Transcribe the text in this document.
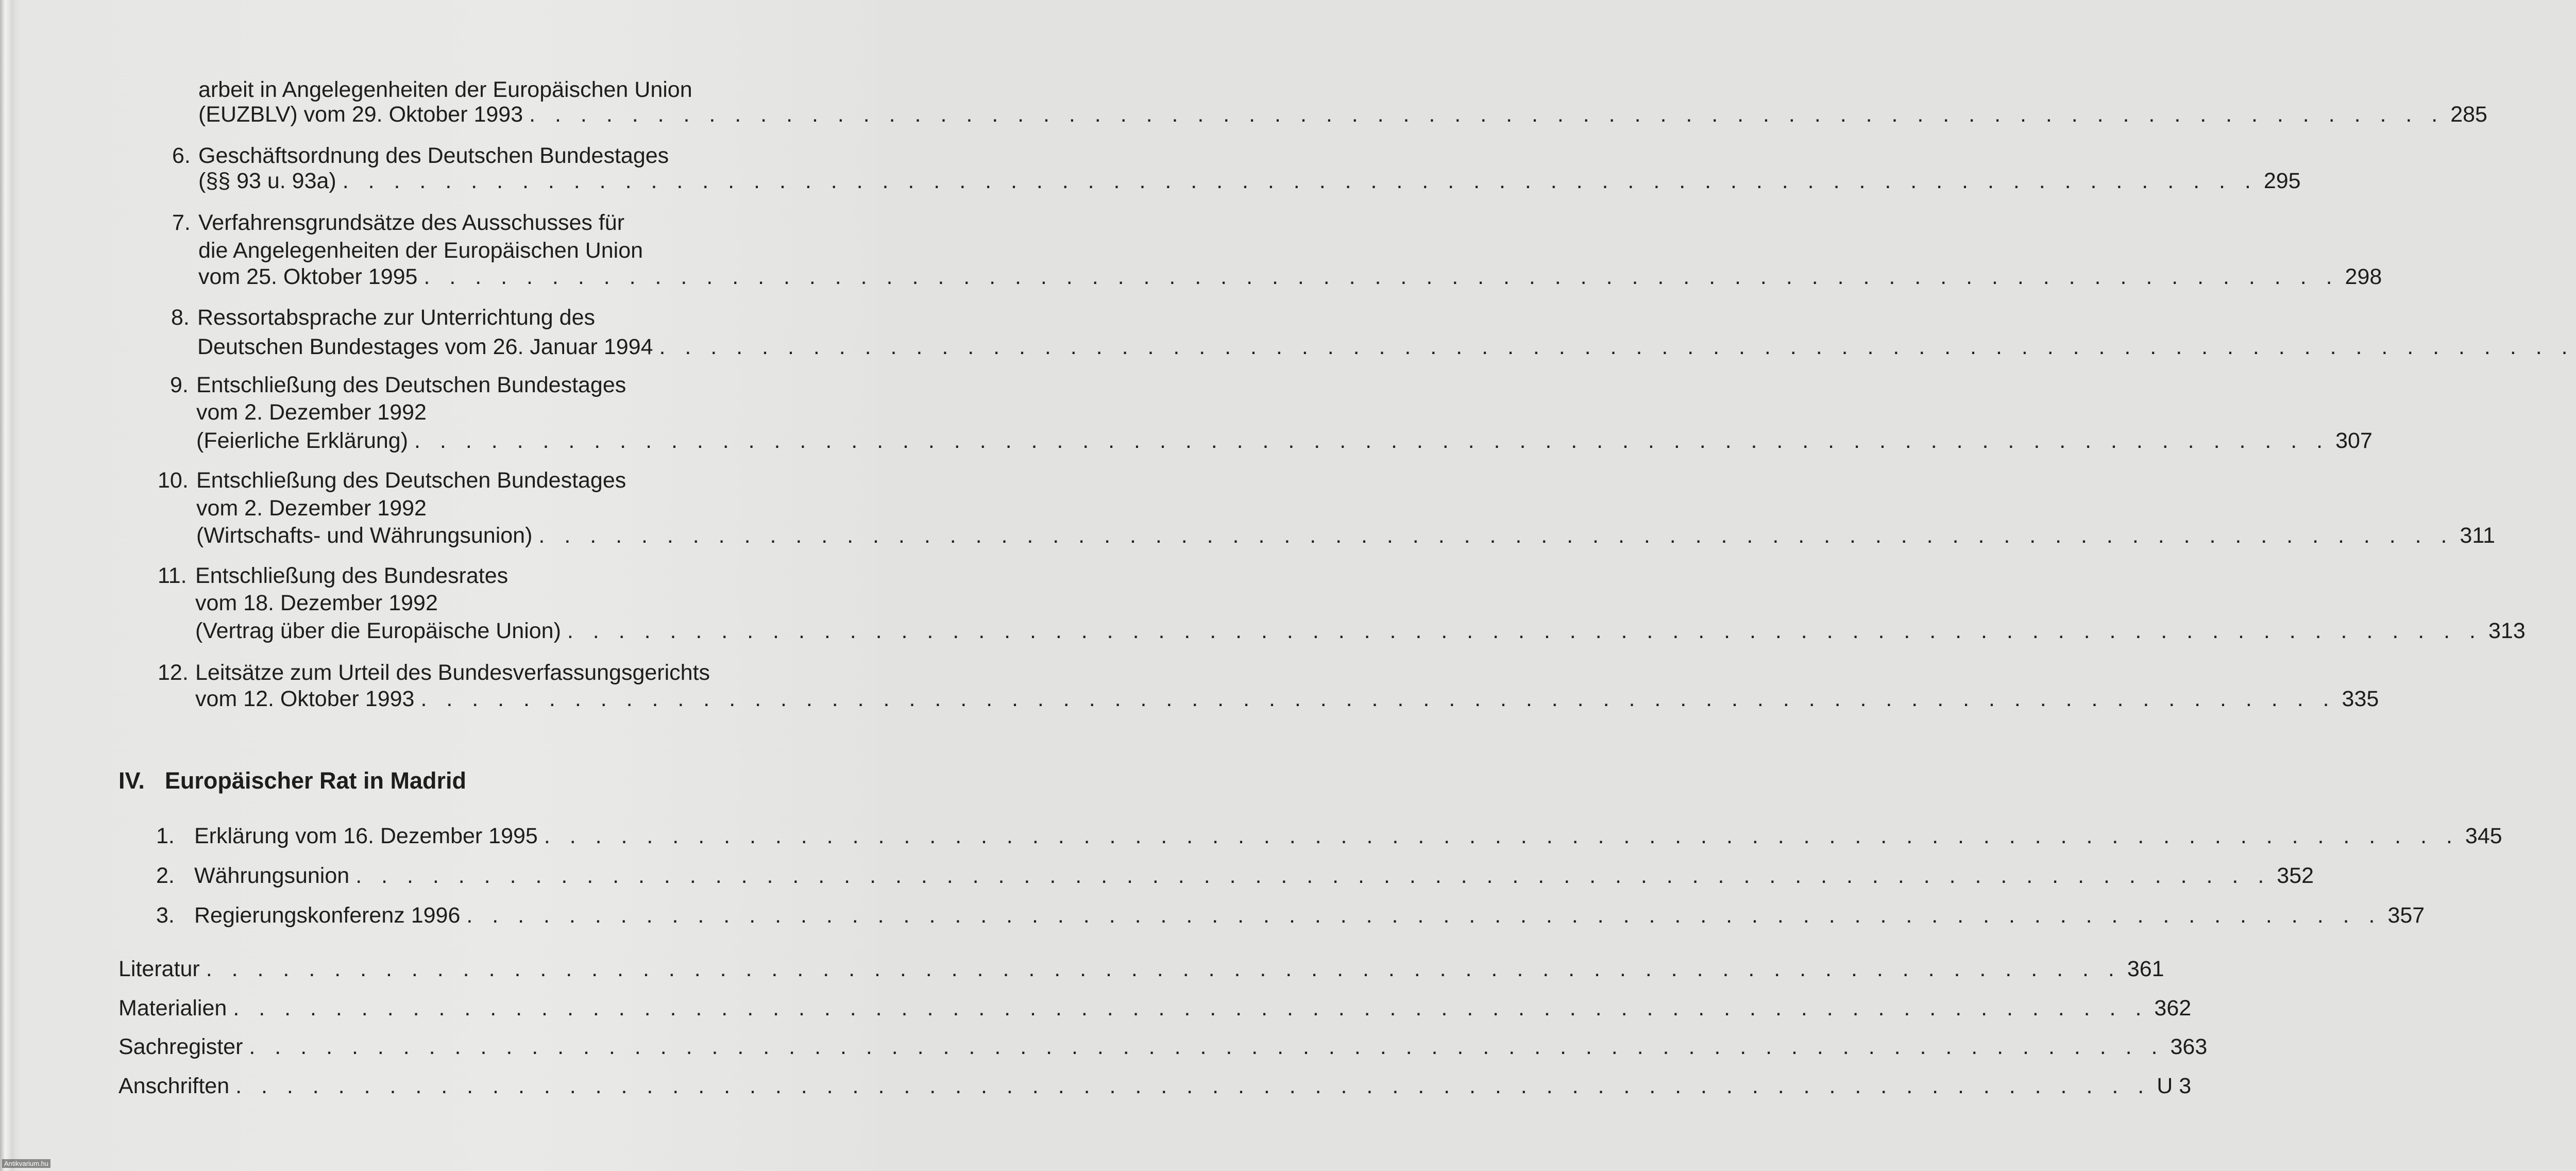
arbeit in Angelegenheiten der Europäischen Union
(EUZBLV) vom 29. Oktober 1993 . . . . . . . . . . . . . . . . . . . . . . . . . . . . . . . . . . . . . . . . . . . . . . . . . . . . . . . . . . . . . . . . . . . . . . . . . . . 285
6. Geschäftsordnung des Deutschen Bundestages
(§§ 93 u. 93a) . . . . . . . . . . . . . . . . . . . . . . . . . . . . . . . . . . . . . . . . . . . . . . . . . . . . . . . . . . . . . . . . . . . . . . . . . . . 295
7. Verfahrensgrundsätze des Ausschusses für
die Angelegenheiten der Europäischen Union
vom 25. Oktober 1995 . . . . . . . . . . . . . . . . . . . . . . . . . . . . . . . . . . . . . . . . . . . . . . . . . . . . . . . . . . . . . . . . . . . . . . . . . . . 298
8. Ressortabsprache zur Unterrichtung des
Deutschen Bundestages vom 26. Januar 1994 . . . . . . . . . . . . . . . . . . . . . . . . . . . . . . . . . . . . . . . . . . . . . . . . . . . . . . . . . . . . . . . . . . . . . . . . . . .
9. Entschließung des Deutschen Bundestages
vom 2. Dezember 1992
(Feierliche Erklärung) . . . . . . . . . . . . . . . . . . . . . . . . . . . . . . . . . . . . . . . . . . . . . . . . . . . . . . . . . . . . . . . . . . . . . . . . . . . 307
10. Entschließung des Deutschen Bundestages
vom 2. Dezember 1992
(Wirtschafts- und Währungsunion) . . . . . . . . . . . . . . . . . . . . . . . . . . . . . . . . . . . . . . . . . . . . . . . . . . . . . . . . . . . . . . . . . . . . . . . . . . . 311
11. Entschließung des Bundesrates
vom 18. Dezember 1992
(Vertrag über die Europäische Union) . . . . . . . . . . . . . . . . . . . . . . . . . . . . . . . . . . . . . . . . . . . . . . . . . . . . . . . . . . . . . . . . . . . . . . . . . . . 313
12. Leitsätze zum Urteil des Bundesverfassungsgerichts
vom 12. Oktober 1993 . . . . . . . . . . . . . . . . . . . . . . . . . . . . . . . . . . . . . . . . . . . . . . . . . . . . . . . . . . . . . . . . . . . . . . . . . . . 335
IV. Europäischer Rat in Madrid
1. Erklärung vom 16. Dezember 1995 . . . . . . . . . . . . . . . . . . . . . . . . . . . . . . . . . . . . . . . . . . . . . . . . . . . . . . . . . . . . . . . . . . . . . . . . . . . 345
2. Währungsunion . . . . . . . . . . . . . . . . . . . . . . . . . . . . . . . . . . . . . . . . . . . . . . . . . . . . . . . . . . . . . . . . . . . . . . . . . . . 352
3. Regierungskonferenz 1996 . . . . . . . . . . . . . . . . . . . . . . . . . . . . . . . . . . . . . . . . . . . . . . . . . . . . . . . . . . . . . . . . . . . . . . . . . . . 357
Literatur . . . . . . . . . . . . . . . . . . . . . . . . . . . . . . . . . . . . . . . . . . . . . . . . . . . . . . . . . . . . . . . . . . . . . . . . . . . 361
Materialien . . . . . . . . . . . . . . . . . . . . . . . . . . . . . . . . . . . . . . . . . . . . . . . . . . . . . . . . . . . . . . . . . . . . . . . . . . . 362
Sachregister . . . . . . . . . . . . . . . . . . . . . . . . . . . . . . . . . . . . . . . . . . . . . . . . . . . . . . . . . . . . . . . . . . . . . . . . . . . 363
Anschriften . . . . . . . . . . . . . . . . . . . . . . . . . . . . . . . . . . . . . . . . . . . . . . . . . . . . . . . . . . . . . . . . . . . . . . . . . . . U 3
Antikvarium.hu
